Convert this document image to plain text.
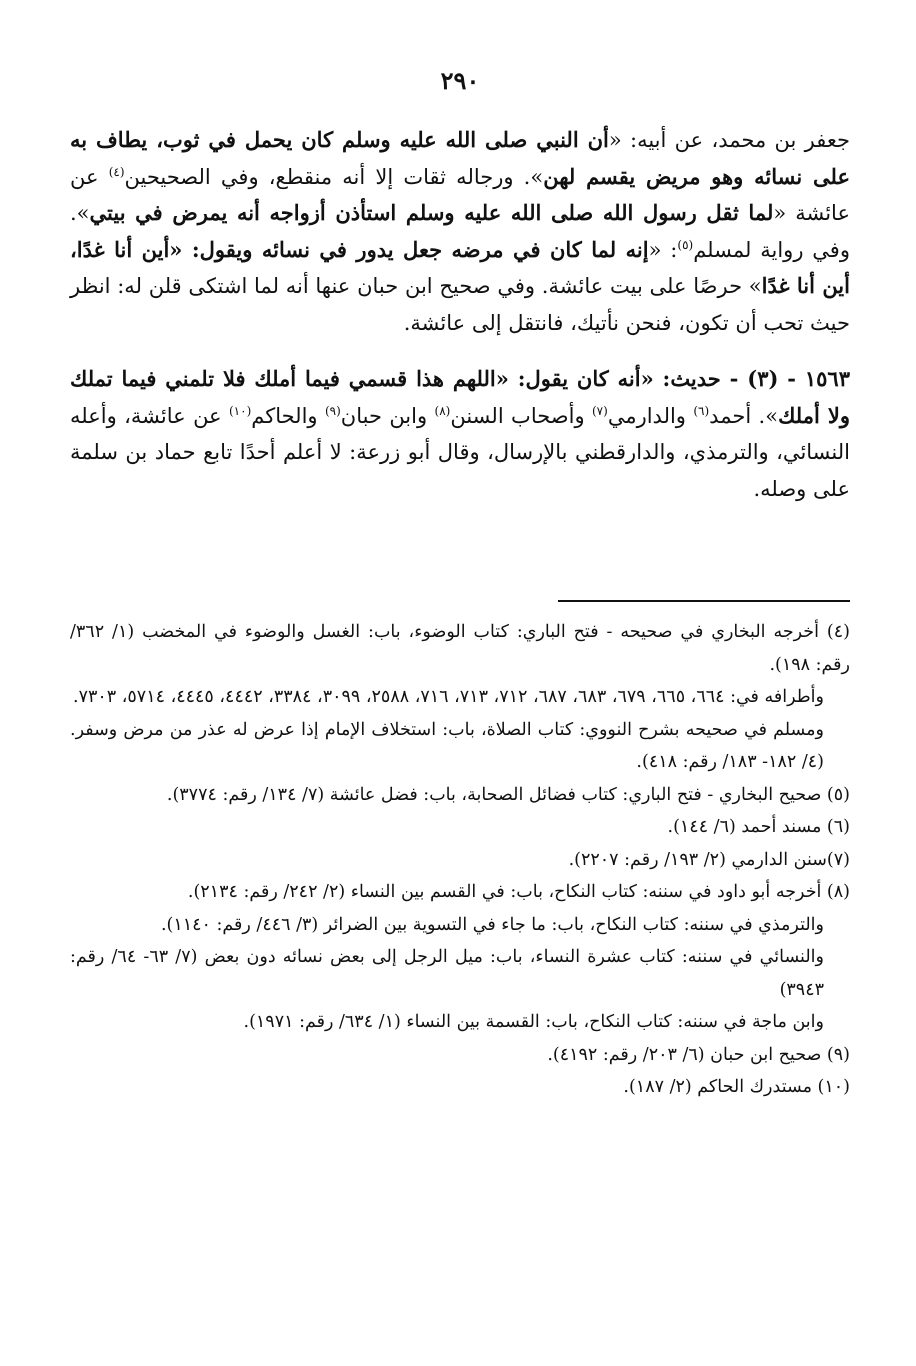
٢٩٠

جعفر بن محمد، عن أبيه: «أن النبي صلى الله عليه وسلم كان يحمل في ثوب، يطاف به على نسائه وهو مريض يقسم لهن». ورجاله ثقات إلا أنه منقطع، وفي الصحيحين$^{(٤)}$ عن عائشة «لما ثقل رسول الله صلى الله عليه وسلم استأذن أزواجه أنه يمرض في بيتي». وفي رواية لمسلم$^{(٥)}$: «إنه لما كان في مرضه جعل يدور في نسائه ويقول: «أين أنا غدًا، أين أنا غدًا» حرصًا على بيت عائشة. وفي صحيح ابن حبان عنها أنه لما اشتكى قلن له: انظر حيث تحب أن تكون، فنحن نأتيك، فانتقل إلى عائشة.

١٥٦٣ - (٣) - حديث: «أنه كان يقول: «اللهم هذا قسمي فيما أملك فلا تلمني فيما تملك ولا أملك». أحمد$^{(٦)}$ والدارمي$^{(٧)}$ وأصحاب السنن$^{(٨)}$ وابن حبان$^{(٩)}$ والحاكم$^{(١٠)}$ عن عائشة، وأعله النسائي، والترمذي، والدارقطني بالإرسال، وقال أبو زرعة: لا أعلم أحدًا تابع حماد بن سلمة على وصله.

(٤) أخرجه البخاري في صحيحه - فتح الباري: كتاب الوضوء، باب: الغسل والوضوء في المخضب (١/ ٣٦٢/ رقم: ١٩٨).

وأطرافه في: ٦٦٤، ٦٦٥، ٦٧٩، ٦٨٣، ٦٨٧، ٧١٢، ٧١٣، ٧١٦، ٢٥٨٨، ٣٠٩٩، ٣٣٨٤، ٤٤٤٢، ٤٤٤٥، ٥٧١٤، ٧٣٠٣.

ومسلم في صحيحه بشرح النووي: كتاب الصلاة، باب: استخلاف الإمام إذا عرض له عذر من مرض وسفر. (٤/ ١٨٢- ١٨٣/ رقم: ٤١٨).

(٥) صحيح البخاري - فتح الباري: كتاب فضائل الصحابة، باب: فضل عائشة (٧/ ١٣٤/ رقم: ٣٧٧٤).

(٦) مسند أحمد (٦/ ١٤٤).

(٧)سنن الدارمي (٢/ ١٩٣/ رقم: ٢٢٠٧).

(٨) أخرجه أبو داود في سننه: كتاب النكاح، باب: في القسم بين النساء (٢/ ٢٤٢/ رقم: ٢١٣٤).

والترمذي في سننه: كتاب النكاح، باب: ما جاء في التسوية بين الضرائر (٣/ ٤٤٦/ رقم: ١١٤٠).

والنسائي في سننه: كتاب عشرة النساء، باب: ميل الرجل إلى بعض نسائه دون بعض (٧/ ٦٣- ٦٤/ رقم: ٣٩٤٣)

وابن ماجة في سننه: كتاب النكاح، باب: القسمة بين النساء (١/ ٦٣٤/ رقم: ١٩٧١).

(٩) صحيح ابن حبان (٦/ ٢٠٣/ رقم: ٤١٩٢).

(١٠) مستدرك الحاكم (٢/ ١٨٧).
